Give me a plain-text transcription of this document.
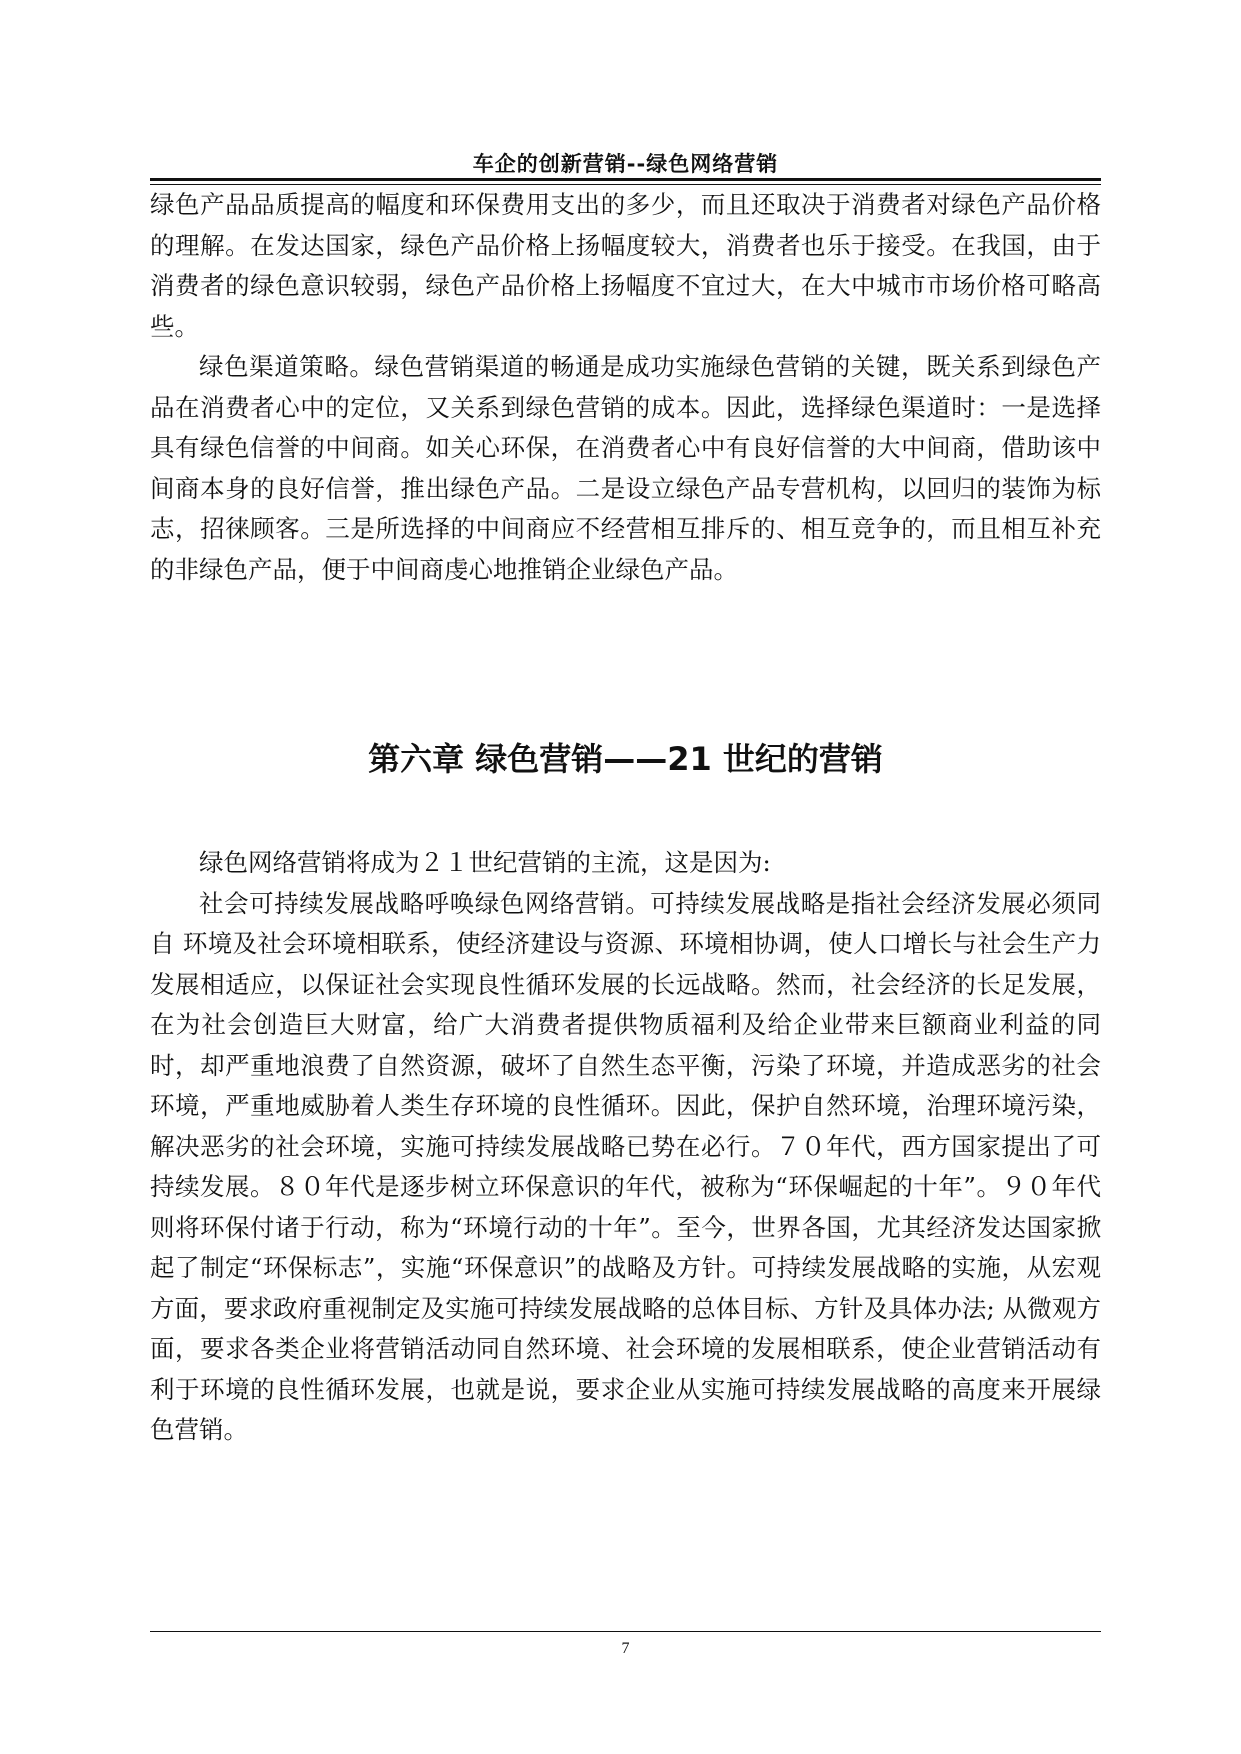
车企的创新营销--绿色网络营销

绿色产品品质提高的幅度和环保费用支出的多少，而且还取决于消费者对绿色产品价格的理解。在发达国家，绿色产品价格上扬幅度较大，消费者也乐于接受。在我国，由于消费者的绿色意识较弱，绿色产品价格上扬幅度不宜过大，在大中城市市场价格可略高些。

绿色渠道策略。绿色营销渠道的畅通是成功实施绿色营销的关键，既关系到绿色产品在消费者心中的定位，又关系到绿色营销的成本。因此，选择绿色渠道时：一是选择具有绿色信誉的中间商。如关心环保，在消费者心中有良好信誉的大中间商，借助该中间商本身的良好信誉，推出绿色产品。二是设立绿色产品专营机构，以回归的装饰为标志，招徕顾客。三是所选择的中间商应不经营相互排斥的、相互竞争的，而且相互补充的非绿色产品，便于中间商虔心地推销企业绿色产品。

第六章 绿色营销——21 世纪的营销

绿色网络营销将成为２１世纪营销的主流，这是因为:

社会可持续发展战略呼唤绿色网络营销。可持续发展战略是指社会经济发展必须同自 环境及社会环境相联系，使经济建设与资源、环境相协调，使人口增长与社会生产力发展相适应，以保证社会实现良性循环发展的长远战略。然而，社会经济的长足发展，在为社会创造巨大财富，给广大消费者提供物质福利及给企业带来巨额商业利益的同时，却严重地浪费了自然资源，破坏了自然生态平衡，污染了环境，并造成恶劣的社会环境，严重地威胁着人类生存环境的良性循环。因此，保护自然环境，治理环境污染，解决恶劣的社会环境，实施可持续发展战略已势在必行。７０年代，西方国家提出了可持续发展。８０年代是逐步树立环保意识的年代，被称为“环保崛起的十年”。９０年代则将环保付诸于行动，称为“环境行动的十年”。至今，世界各国，尤其经济发达国家掀起了制定“环保标志”，实施“环保意识”的战略及方针。可持续发展战略的实施，从宏观方面，要求政府重视制定及实施可持续发展战略的总体目标、方针及具体办法; 从微观方面，要求各类企业将营销活动同自然环境、社会环境的发展相联系，使企业营销活动有利于环境的良性循环发展，也就是说，要求企业从实施可持续发展战略的高度来开展绿色营销。

7
